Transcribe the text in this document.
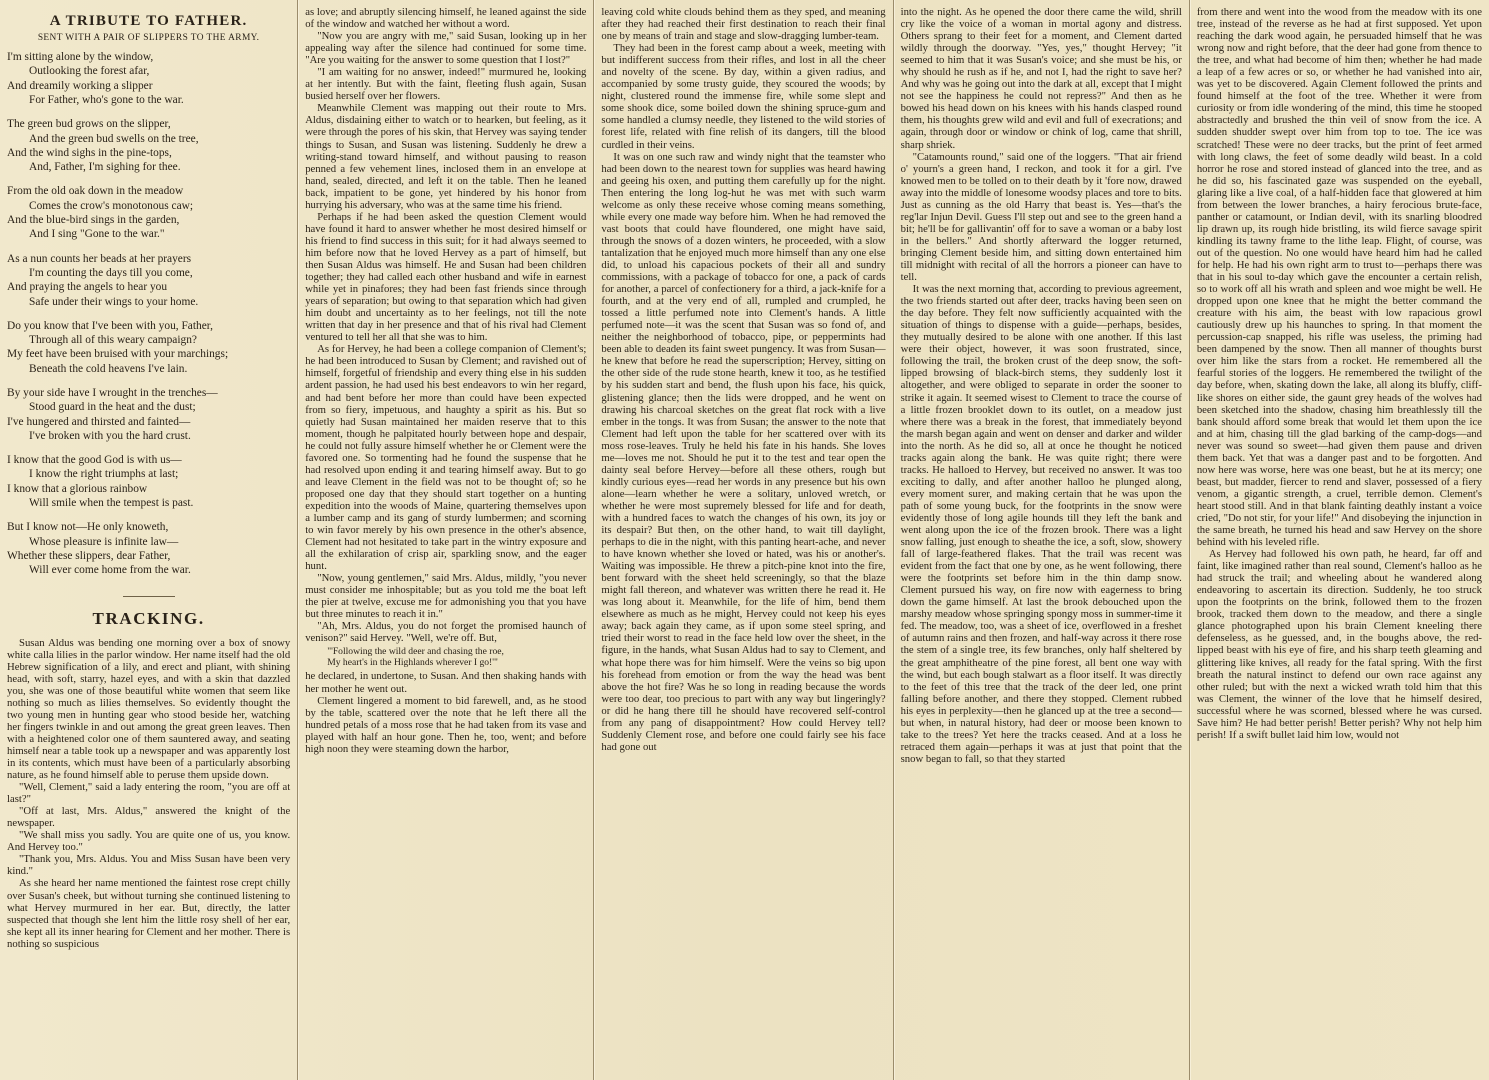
A TRIBUTE TO FATHER.
SENT WITH A PAIR OF SLIPPERS TO THE ARMY.
I'm sitting alone by the window,
Outlooking the forest afar,
And dreamily working a slipper
For Father, who's gone to the war.
The green bud grows on the slipper,
And the green bud swells on the tree,
And the wind sighs in the pine-tops,
And, Father, I'm sighing for thee.
From the old oak down in the meadow
Comes the crow's monotonous caw;
And the blue-bird sings in the garden,
And I sing "Gone to the war."
As a nun counts her beads at her prayers
I'm counting the days till you come,
And praying the angels to hear you
Safe under their wings to your home.
Do you know that I've been with you, Father,
Through all of this weary campaign?
My feet have been bruised with your marchings;
Beneath the cold heavens I've lain.
By your side have I wrought in the trenches—
Stood guard in the heat and the dust;
I've hungered and thirsted and fainted—
I've broken with you the hard crust.
I know that the good God is with us—
I know the right triumphs at last;
I know that a glorious rainbow
Will smile when the tempest is past.
But I know not—He only knoweth,
Whose pleasure is infinite law—
Whether these slippers, dear Father,
Will ever come home from the war.
TRACKING.

Susan Aldus was bending one morning over a box of snowy white calla lilies in the parlor window. Her name itself had the old Hebrew signification of a lily, and erect and pliant, with shining head, with soft, starry, hazel eyes, and with a skin that dazzled you, she was one of those beautiful white women that seem like nothing so much as lilies themselves. So evidently thought the two young men in hunting gear who stood beside her, watching her fingers twinkle in and out among the great green leaves. Then with a heightened color one of them sauntered away, and seating himself near a table took up a newspaper and was apparently lost in its contents, which must have been of a particularly absorbing nature, as he found himself able to peruse them upside down.

"Well, Clement," said a lady entering the room, "you are off at last?"

"Off at last, Mrs. Aldus," answered the knight of the newspaper.

"We shall miss you sadly. You are quite one of us, you know. And Hervey too."

"Thank you, Mrs. Aldus. You and Miss Susan have been very kind."

As she heard her name mentioned the faintest rose crept chilly over Susan's cheek, but without turning she continued listening to what Hervey murmured in her ear. But, directly, the latter suspected that though she lent him the little rosy shell of her ear, she kept all its inner hearing for Clement and her mother. There is nothing so suspicious

as love; and abruptly silencing himself, he leaned against the side of the window and watched her without a word.

"Now you are angry with me," said Susan, looking up in her appealing way after the silence had continued for some time. "Are you waiting for the answer to some question that I lost?"

"I am waiting for no answer, indeed!" murmured he, looking at her intently. But with the faint, fleeting flush again, Susan busied herself over her flowers.

Meanwhile Clement was mapping out their route to Mrs. Aldus, disdaining either to watch or to hearken, but feeling, as it were through the pores of his skin, that Hervey was saying tender things to Susan, and Susan was listening. Suddenly he drew a writing-stand toward himself, and without pausing to reason penned a few vehement lines, inclosed them in an envelope at hand, sealed, directed, and left it on the table. Then he leaned back, impatient to be gone, yet hindered by his honor from hurrying his adversary, who was at the same time his friend.

Perhaps if he had been asked the question Clement would have found it hard to answer whether he most desired himself or his friend to find success in this suit; for it had always seemed to him before now that he loved Hervey as a part of himself, but then Susan Aldus was himself. He and Susan had been children together; they had called each other husband and wife in earnest while yet in pinafores; they had been fast friends since through years of separation; but owing to that separation which had given him doubt and uncertainty as to her feelings, not till the note written that day in her presence and that of his rival had Clement ventured to tell her all that she was to him.

As for Hervey, he had been a college companion of Clement's; he had been introduced to Susan by Clement; and ravished out of himself, forgetful of friendship and every thing else in his sudden ardent passion, he had used his best endeavors to win her regard, and had bent before her more than could have been expected from so fiery, impetuous, and haughty a spirit as his. But so quietly had Susan maintained her maiden reserve that to this moment, though he palpitated hourly between hope and despair, he could not fully assure himself whether he or Clement were the favored one. So tormenting had he found the suspense that he had resolved upon ending it and tearing himself away. But to go and leave Clement in the field was not to be thought of; so he proposed one day that they should start together on a hunting expedition into the woods of Maine, quartering themselves upon a lumber camp and its gang of sturdy lumbermen; and scorning to win favor merely by his own presence in the other's absence, Clement had not hesitated to take part in the wintry exposure and all the exhilaration of crisp air, sparkling snow, and the eager hunt.

"Now, young gentlemen," said Mrs. Aldus, mildly, "you never must consider me inhospitable; but as you told me the boat left the pier at twelve, excuse me for admonishing you that you have but three minutes to reach it in."

"Ah, Mrs. Aldus, you do not forget the promised haunch of venison?" said Hervey. "Well, we're off. But,

"'Following the wild deer and chasing the roe,
My heart's in the Highlands wherever I go!'"

he declared, in undertone, to Susan. And then shaking hands with her mother he went out.

Clement lingered a moment to bid farewell, and, as he stood by the table, scattered over the note that he left there all the hundred petals of a moss rose that he had taken from its vase and played with half an hour gone. Then he, too, went; and before high noon they were steaming down the harbor,

leaving cold white clouds behind them as they sped, and meaning after they had reached their first destination to reach their final one by means of train and stage and slow-dragging lumber-team.

They had been in the forest camp about a week, meeting with but indifferent success from their rifles, and lost in all the cheer and novelty of the scene. By day, within a given radius, and accompanied by some trusty guide, they scoured the woods; by night, clustered round the immense fire, while some slept and some shook dice, some boiled down the shining spruce-gum and some handled a clumsy needle, they listened to the wild stories of forest life, related with fine relish of its dangers, till the blood curdled in their veins.

It was on one such raw and windy night that the teamster who had been down to the nearest town for supplies was heard hawing and geeing his oxen, and putting them carefully up for the night. Then entering the long log-hut he was met with such warm welcome as only these receive whose coming means something, while every one made way before him. When he had removed the vast boots that could have floundered, one might have said, through the snows of a dozen winters, he proceeded, with a slow tantalization that he enjoyed much more himself than any one else did, to unload his capacious pockets of their all and sundry commissions, with a package of tobacco for one, a pack of cards for another, a parcel of confectionery for a third, a jack-knife for a fourth, and at the very end of all, rumpled and crumpled, he tossed a little perfumed note into Clement's hands. A little perfumed note—it was the scent that Susan was so fond of, and neither the neighborhood of tobacco, pipe, or peppermints had been able to deaden its faint sweet pungency. It was from Susan—he knew that before he read the superscription; Hervey, sitting on the other side of the rude stone hearth, knew it too, as he testified by his sudden start and bend, the flush upon his face, his quick, glistening glance; then the lids were dropped, and he went on drawing his charcoal sketches on the great flat rock with a live ember in the tongs. It was from Susan; the answer to the note that Clement had left upon the table for her scattered over with its moss rose-leaves. Truly he held his fate in his hands. She loves me—loves me not. Should he put it to the test and tear open the dainty seal before Hervey—before all these others, rough but kindly curious eyes—read her words in any presence but his own alone—learn whether he were a solitary, unloved wretch, or whether he were most supremely blessed for life and for death, with a hundred faces to watch the changes of his own, its joy or its despair? But then, on the other hand, to wait till daylight, perhaps to die in the night, with this panting heart-ache, and never to have known whether she loved or hated, was his or another's. Waiting was impossible. He threw a pitch-pine knot into the fire, bent forward with the sheet held screeningly, so that the blaze might fall thereon, and whatever was written there he read it. He was long about it. Meanwhile, for the life of him, bend them elsewhere as much as he might, Hervey could not keep his eyes away; back again they came, as if upon some steel spring, and tried their worst to read in the face held low over the sheet, in the figure, in the hands, what Susan Aldus had to say to Clement, and what hope there was for him himself. Were the veins so big upon his forehead from emotion or from the way the head was bent above the hot fire? Was he so long in reading because the words were too dear, too precious to part with any way but lingeringly? or did he hang there till he should have recovered self-control from any pang of disappointment? How could Hervey tell? Suddenly Clement rose, and before one could fairly see his face had gone out

into the night. As he opened the door there came the wild, shrill cry like the voice of a woman in mortal agony and distress. Others sprang to their feet for a moment, and Clement darted wildly through the doorway. "Yes, yes," thought Hervey; "it seemed to him that it was Susan's voice; and she must be his, or why should he rush as if he, and not I, had the right to save her? And why was he going out into the dark at all, except that I might not see the happiness he could not repress?" And then as he bowed his head down on his knees with his hands clasped round them, his thoughts grew wild and evil and full of execrations; and again, through door or window or chink of log, came that shrill, sharp shriek.

"Catamounts round," said one of the loggers. "That air friend o' yourn's a green hand, I reckon, and took it for a girl. I've knowed men to be tolled on to their death by it 'fore now, drawed away into the middle of lonesome woodsy places and tore to bits. Just as cunning as the old Harry that beast is. Yes—that's the reg'lar Injun Devil. Guess I'll step out and see to the green hand a bit; he'll be for gallivantin' off for to save a woman or a baby lost in the bellers." And shortly afterward the logger returned, bringing Clement beside him, and sitting down entertained him till midnight with recital of all the horrors a pioneer can have to tell.

It was the next morning that, according to previous agreement, the two friends started out after deer, tracks having been seen on the day before. They felt now sufficiently acquainted with the situation of things to dispense with a guide—perhaps, besides, they mutually desired to be alone with one another. If this last were their object, however, it was soon frustrated, since, following the trail, the broken crust of the deep snow, the soft-lipped browsing of black-birch stems, they suddenly lost it altogether, and were obliged to separate in order the sooner to strike it again. It seemed wisest to Clement to trace the course of a little frozen brooklet down to its outlet, on a meadow just where there was a break in the forest, that immediately beyond the marsh began again and went on denser and darker and wilder into the north. As he did so, all at once he thought he noticed tracks again along the bank. He was quite right; there were tracks. He halloed to Hervey, but received no answer. It was too exciting to dally, and after another halloo he plunged along, every moment surer, and making certain that he was upon the path of some young buck, for the footprints in the snow were evidently those of long agile hounds till they left the bank and went along upon the ice of the frozen brook. There was a light snow falling, just enough to sheathe the ice, a soft, slow, showery fall of large-feathered flakes. That the trail was recent was evident from the fact that one by one, as he went following, there were the footprints set before him in the thin damp snow. Clement pursued his way, on fire now with eagerness to bring down the game himself. At last the brook debouched upon the marshy meadow whose springing spongy moss in summer-time it fed. The meadow, too, was a sheet of ice, overflowed in a freshet of autumn rains and then frozen, and half-way across it there rose the stem of a single tree, its few branches, only half sheltered by the great amphitheatre of the pine forest, all bent one way with the wind, but each bough stalwart as a floor itself. It was directly to the feet of this tree that the track of the deer led, one print falling before another, and there they stopped. Clement rubbed his eyes in perplexity—then he glanced up at the tree a second—but when, in natural history, had deer or moose been known to take to the trees? Yet here the tracks ceased. And at a loss he retraced them again—perhaps it was at just that point that the snow began to fall, so that they started

from there and went into the wood from the meadow with its one tree, instead of the reverse as he had at first supposed. Yet upon reaching the dark wood again, he persuaded himself that he was wrong now and right before, that the deer had gone from thence to the tree, and what had become of him then; whether he had made a leap of a few acres or so, or whether he had vanished into air, was yet to be discovered. Again Clement followed the prints and found himself at the foot of the tree. Whether it were from curiosity or from idle wondering of the mind, this time he stooped abstractedly and brushed the thin veil of snow from the ice. A sudden shudder swept over him from top to toe. The ice was scratched! These were no deer tracks, but the print of feet armed with long claws, the feet of some deadly wild beast. In a cold horror he rose and stored instead of glanced into the tree, and as he did so, his fascinated gaze was suspended on the eyeball, glaring like a live coal, of a half-hidden face that glowered at him from between the lower branches, a hairy ferocious brute-face, panther or catamount, or Indian devil, with its snarling bloodred lip drawn up, its rough hide bristling, its wild fierce savage spirit kindling its tawny frame to the lithe leap. Flight, of course, was out of the question. No one would have heard him had he called for help. He had his own right arm to trust to—perhaps there was that in his soul to-day which gave the encounter a certain relish, so to work off all his wrath and spleen and woe might be well. He dropped upon one knee that he might the better command the creature with his aim, the beast with low rapacious growl cautiously drew up his haunches to spring. In that moment the percussion-cap snapped, his rifle was useless, the priming had been dampened by the snow. Then all manner of thoughts burst over him like the stars from a rocket. He remembered all the fearful stories of the loggers. He remembered the twilight of the day before, when, skating down the lake, all along its bluffy, cliff-like shores on either side, the gaunt grey heads of the wolves had been sketched into the shadow, chasing him breathlessly till the bank should afford some break that would let them upon the ice and at him, chasing till the glad barking of the camp-dogs—and never was sound so sweet—had given them pause and driven them back. Yet that was a danger past and to be forgotten. And now here was worse, here was one beast, but he at its mercy; one beast, but madder, fiercer to rend and slaver, possessed of a fiery venom, a gigantic strength, a cruel, terrible demon. Clement's heart stood still. And in that blank fainting deathly instant a voice cried, "Do not stir, for your life!" And disobeying the injunction in the same breath, he turned his head and saw Hervey on the shore behind with his leveled rifle.

As Hervey had followed his own path, he heard, far off and faint, like imagined rather than real sound, Clement's halloo as he had struck the trail; and wheeling about he wandered along endeavoring to ascertain its direction. Suddenly, he too struck upon the footprints on the brink, followed them to the frozen brook, tracked them down to the meadow, and there a single glance photographed upon his brain Clement kneeling there defenseless, as he guessed, and, in the boughs above, the red-lipped beast with his eye of fire, and his sharp teeth gleaming and glittering like knives, all ready for the fatal spring. With the first breath the natural instinct to defend our own race against any other ruled; but with the next a wicked wrath told him that this was Clement, the winner of the love that he himself desired, successful where he was scorned, blessed where he was cursed. Save him? He had better perish! Better perish? Why not help him perish! If a swift bullet laid him low, would not
